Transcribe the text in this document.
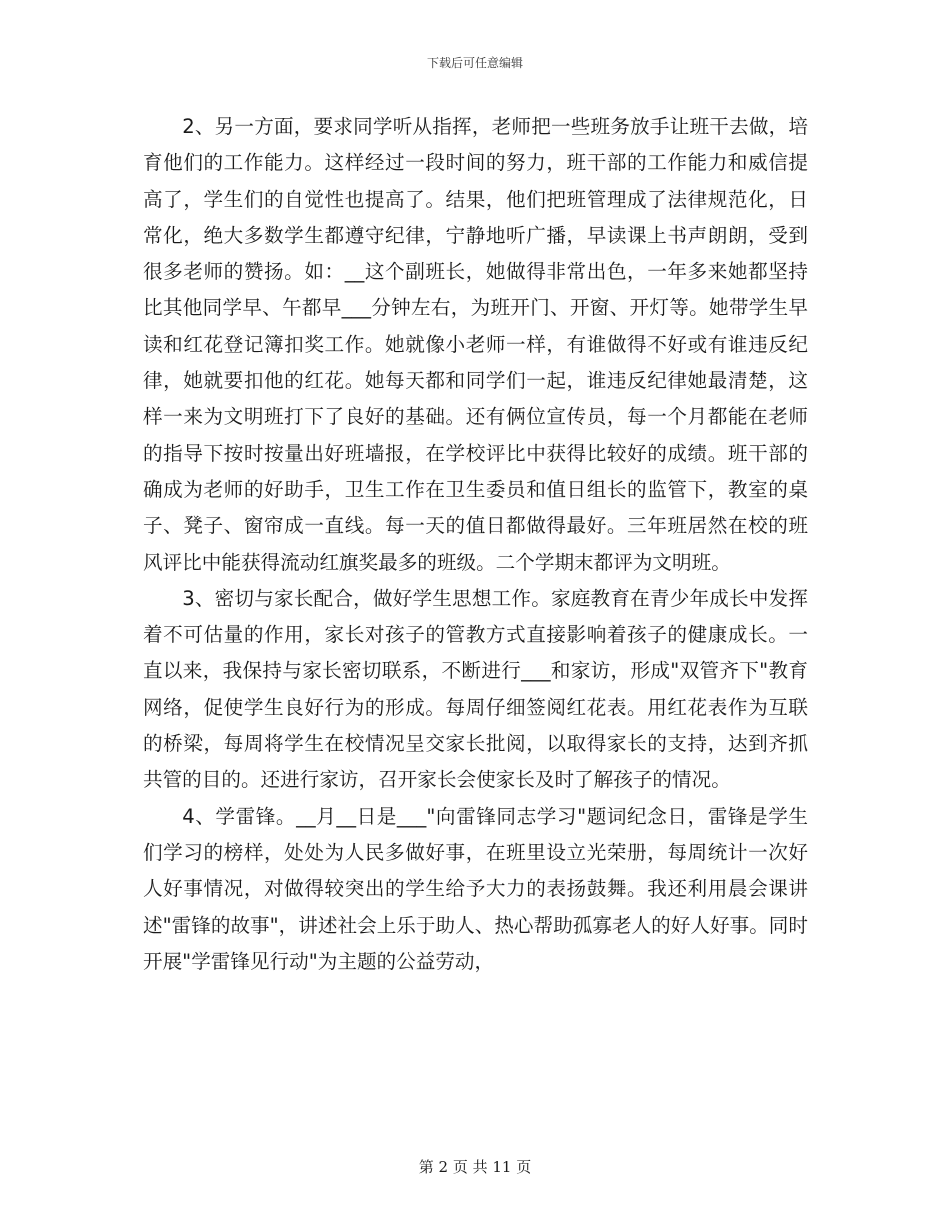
下载后可任意编辑

2、另一方面，要求同学听从指挥，老师把一些班务放手让班干去做，培育他们的工作能力。这样经过一段时间的努力，班干部的工作能力和威信提高了，学生们的自觉性也提高了。结果，他们把班管理成了法律规范化，日常化，绝大多数学生都遵守纪律，宁静地听广播，早读课上书声朗朗，受到很多老师的赞扬。如：__这个副班长，她做得非常出色，一年多来她都坚持比其他同学早、午都早___分钟左右，为班开门、开窗、开灯等。她带学生早读和红花登记簿扣奖工作。她就像小老师一样，有谁做得不好或有谁违反纪律，她就要扣他的红花。她每天都和同学们一起，谁违反纪律她最清楚，这样一来为文明班打下了良好的基础。还有俩位宣传员，每一个月都能在老师的指导下按时按量出好班墙报，在学校评比中获得比较好的成绩。班干部的确成为老师的好助手，卫生工作在卫生委员和值日组长的监管下，教室的桌子、凳子、窗帘成一直线。每一天的值日都做得最好。三年班居然在校的班风评比中能获得流动红旗奖最多的班级。二个学期末都评为文明班。

3、密切与家长配合，做好学生思想工作。家庭教育在青少年成长中发挥着不可估量的作用，家长对孩子的管教方式直接影响着孩子的健康成长。一直以来，我保持与家长密切联系，不断进行___和家访，形成"双管齐下"教育网络，促使学生良好行为的形成。每周仔细签阅红花表。用红花表作为互联的桥梁，每周将学生在校情况呈交家长批阅，以取得家长的支持，达到齐抓共管的目的。还进行家访，召开家长会使家长及时了解孩子的情况。

4、学雷锋。__月__日是___"向雷锋同志学习"题词纪念日，雷锋是学生们学习的榜样，处处为人民多做好事，在班里设立光荣册，每周统计一次好人好事情况，对做得较突出的学生给予大力的表扬鼓舞。我还利用晨会课讲述"雷锋的故事"，讲述社会上乐于助人、热心帮助孤寡老人的好人好事。同时开展"学雷锋见行动"为主题的公益劳动，

第 2 页 共 11 页
